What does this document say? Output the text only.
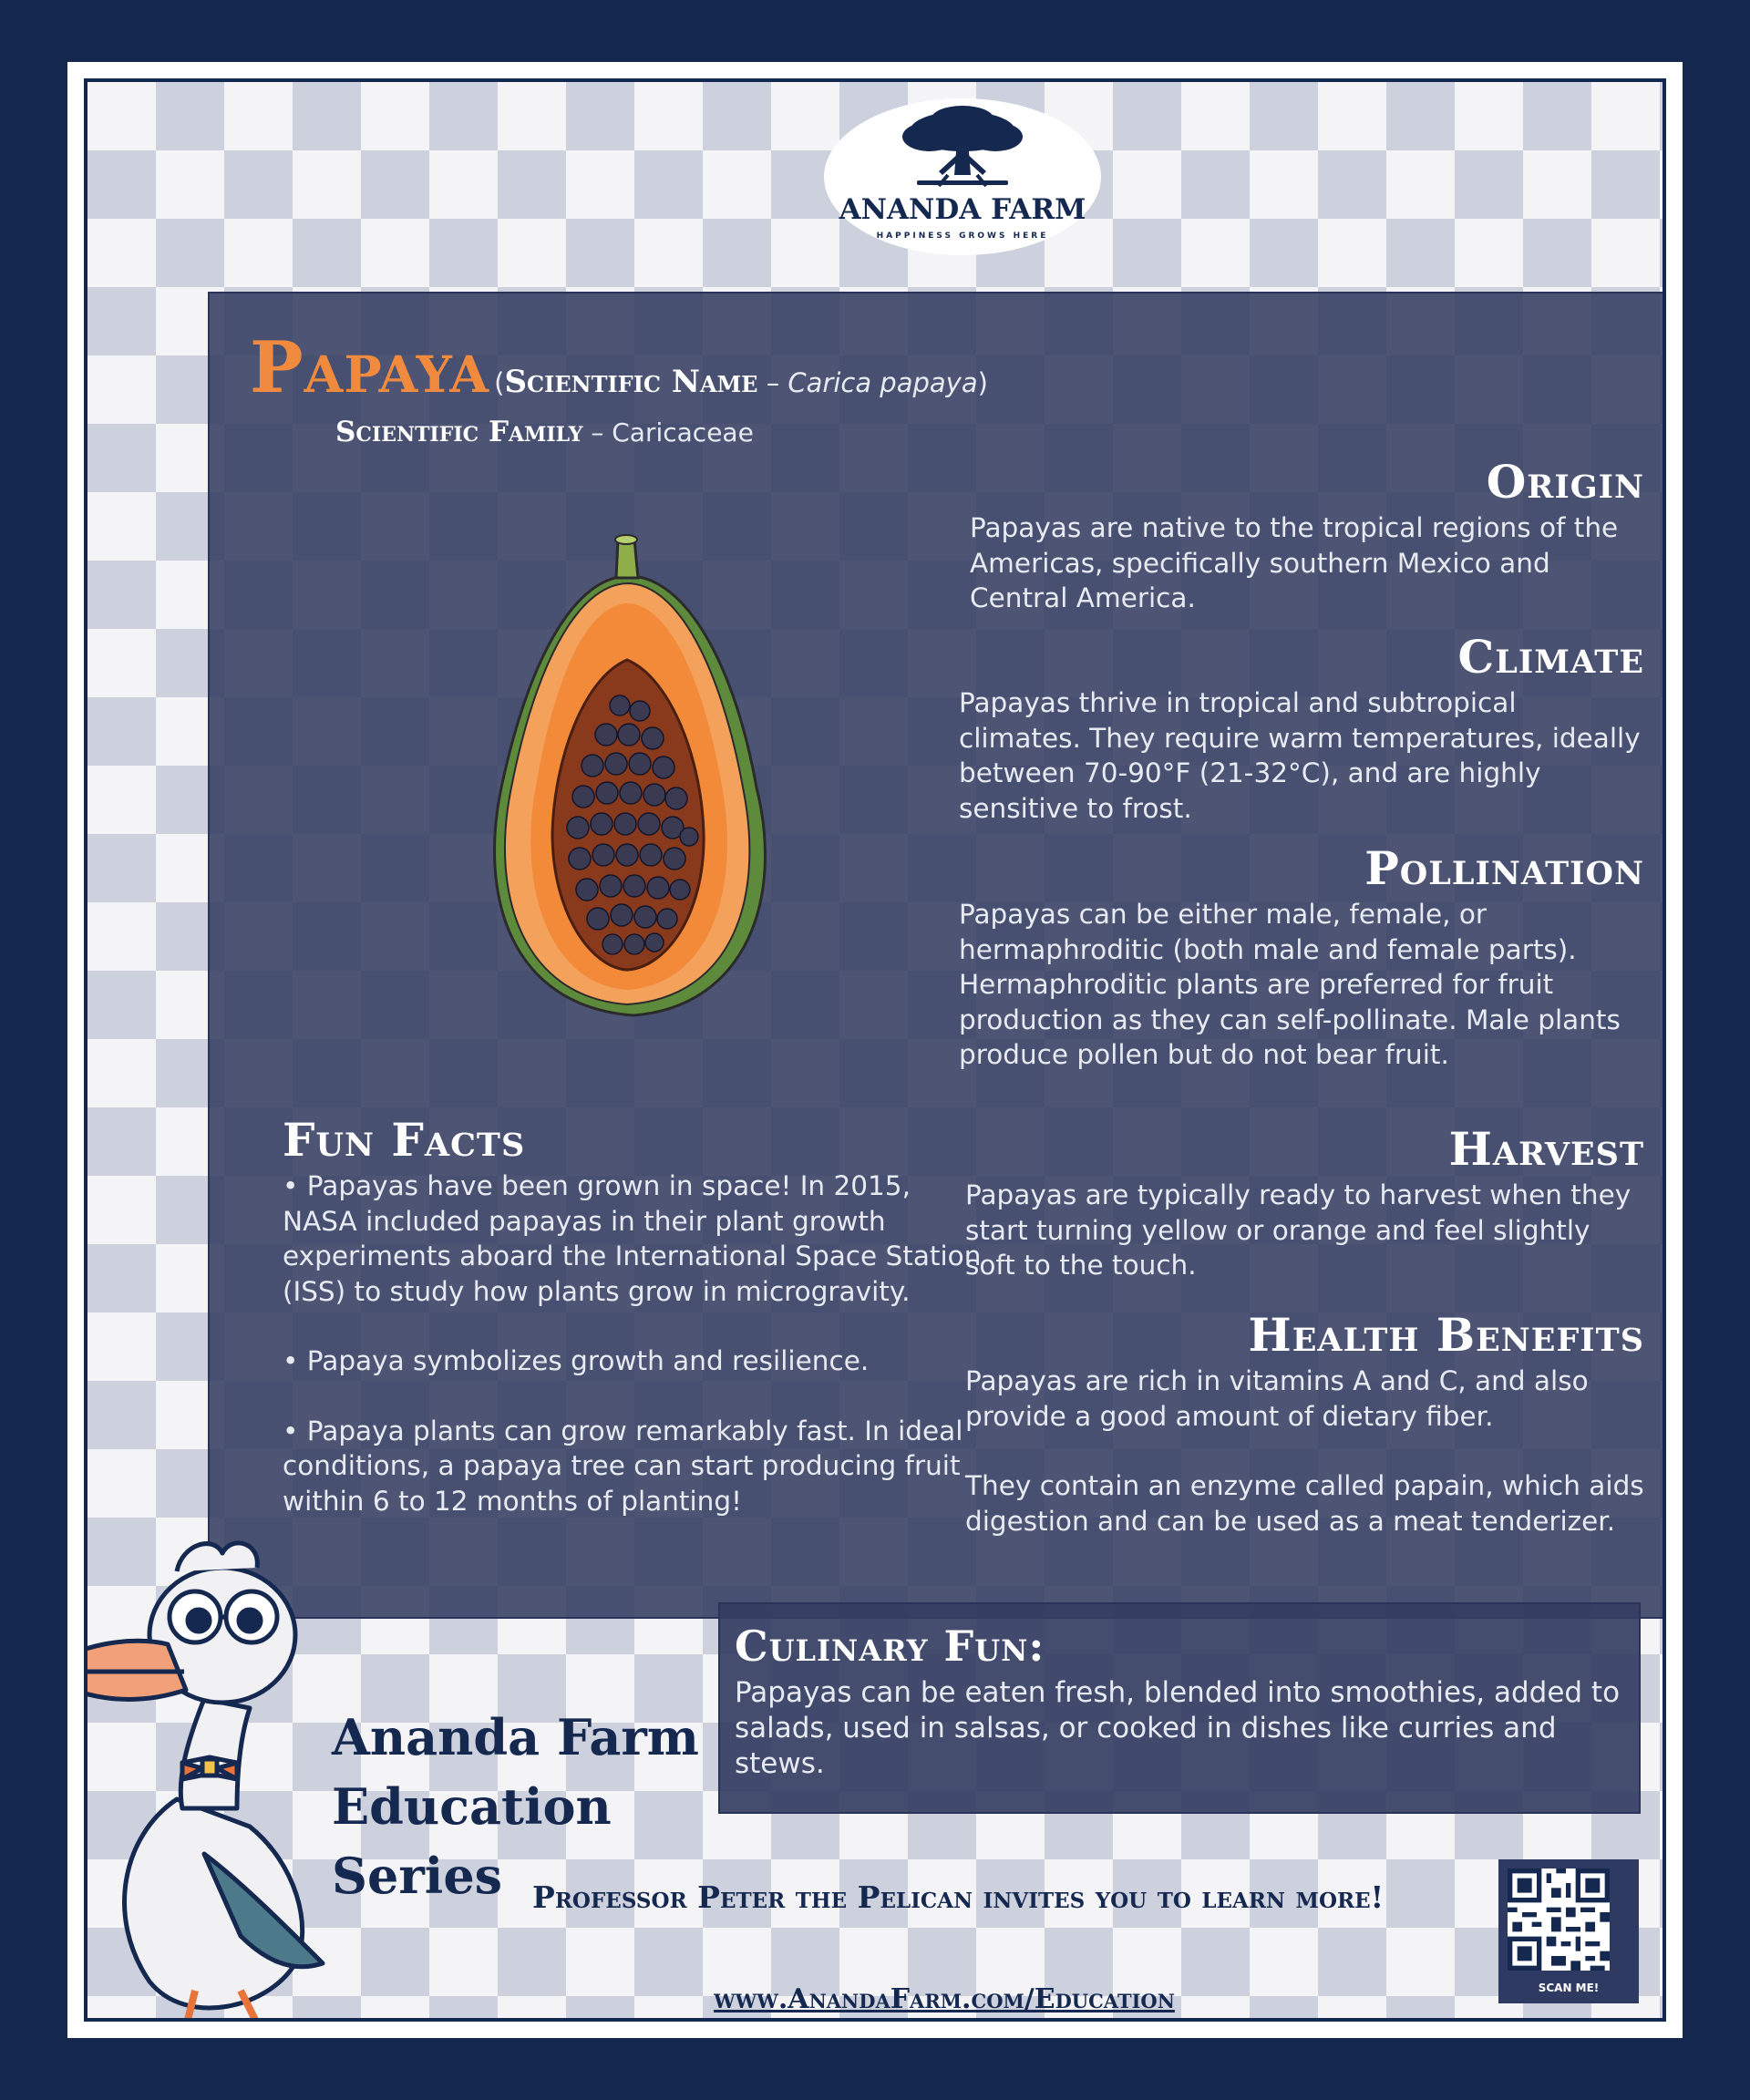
ANANDA FARM
HAPPINESS GROWS HERE
Papaya (Scientific Name – Carica papaya)
Scientific Family – Caricaceae
Origin

Papayas are native to the tropical regions of the Americas, specifically southern Mexico and Central America.

Climate

Papayas thrive in tropical and subtropical climates. They require warm temperatures, ideally between 70-90°F (21-32°C), and are highly sensitive to frost.

Pollination

Papayas can be either male, female, or hermaphroditic (both male and female parts). Hermaphroditic plants are preferred for fruit production as they can self-pollinate. Male plants produce pollen but do not bear fruit.

Harvest

Papayas are typically ready to harvest when they start turning yellow or orange and feel slightly soft to the touch.

Health Benefits

Papayas are rich in vitamins A and C, and also provide a good amount of dietary fiber.

They contain an enzyme called papain, which aids digestion and can be used as a meat tenderizer.

Fun Facts

• Papayas have been grown in space! In 2015, NASA included papayas in their plant growth experiments aboard the International Space Station (ISS) to study how plants grow in microgravity.

• Papaya symbolizes growth and resilience.

• Papaya plants can grow remarkably fast. In ideal conditions, a papaya tree can start producing fruit within 6 to 12 months of planting!

Ananda Farm
Education
Series
Culinary Fun:

Papayas can be eaten fresh, blended into smoothies, added to salads, used in salsas, or cooked in dishes like curries and stews.

Professor Peter the Pelican invites you to learn more!
www.AnandaFarm.com/Education	SCAN ME!
